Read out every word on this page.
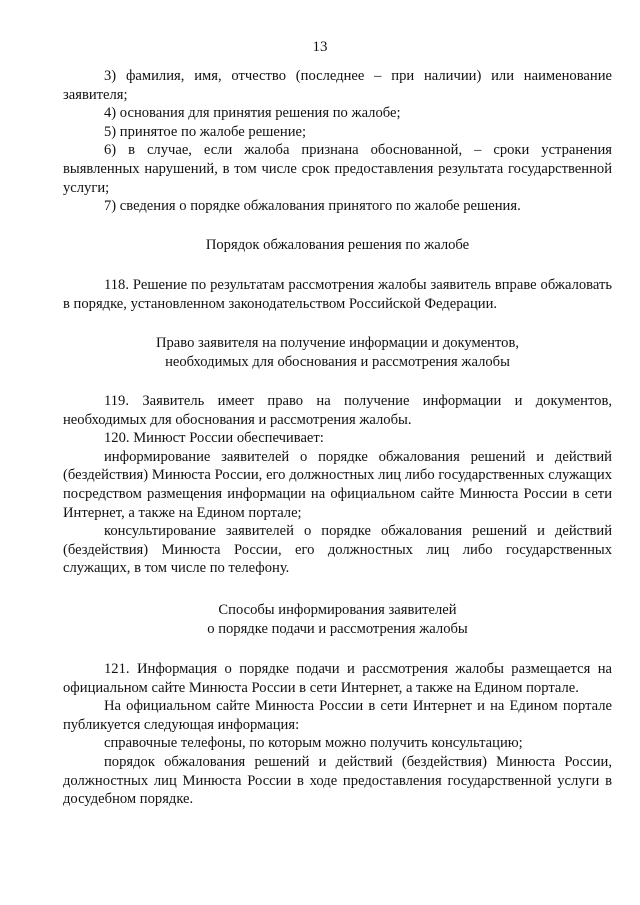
13

3) фамилия, имя, отчество (последнее – при наличии) или наименование заявителя;

4) основания для принятия решения по жалобе;

5) принятое по жалобе решение;

6) в случае, если жалоба признана обоснованной, – сроки устранения выявленных нарушений, в том числе срок предоставления результата государственной услуги;

7) сведения о порядке обжалования принятого по жалобе решения.

Порядок обжалования решения по жалобе

118. Решение по результатам рассмотрения жалобы заявитель вправе обжаловать в порядке, установленном законодательством Российской Федерации.

Право заявителя на получение информации и документов,

необходимых для обоснования и рассмотрения жалобы

119. Заявитель имеет право на получение информации и документов, необходимых для обоснования и рассмотрения жалобы.

120. Минюст России обеспечивает:

информирование заявителей о порядке обжалования решений и действий (бездействия) Минюста России, его должностных лиц либо государственных служащих посредством размещения информации на официальном сайте Минюста России в сети Интернет, а также на Едином портале;

консультирование заявителей о порядке обжалования решений и действий (бездействия) Минюста России, его должностных лиц либо государственных служащих, в том числе по телефону.

Способы информирования заявителей

о порядке подачи и рассмотрения жалобы

121. Информация о порядке подачи и рассмотрения жалобы размещается на официальном сайте Минюста России в сети Интернет, а также на Едином портале.

На официальном сайте Минюста России в сети Интернет и на Едином портале публикуется следующая информация:

справочные телефоны, по которым можно получить консультацию;

порядок обжалования решений и действий (бездействия) Минюста России, должностных лиц Минюста России в ходе предоставления государственной услуги в досудебном порядке.
